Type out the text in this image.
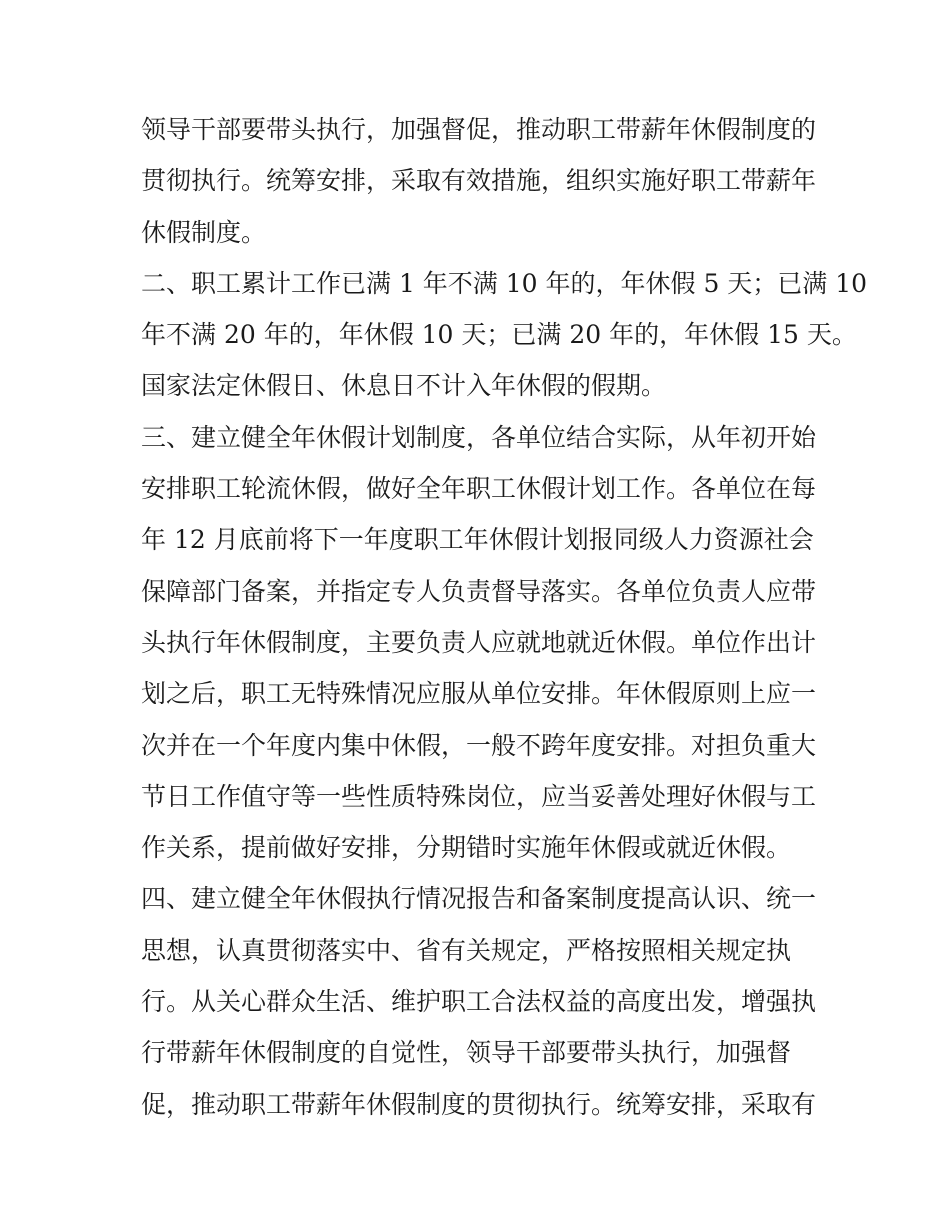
领导干部要带头执行，加强督促，推动职工带薪年休假制度的
贯彻执行。统筹安排，采取有效措施，组织实施好职工带薪年
休假制度。
二、职工累计工作已满 1 年不满 10 年的，年休假 5 天；已满 10
年不满 20 年的，年休假 10 天；已满 20 年的，年休假 15 天。
国家法定休假日、休息日不计入年休假的假期。
三、建立健全年休假计划制度，各单位结合实际，从年初开始
安排职工轮流休假，做好全年职工休假计划工作。各单位在每
年 12 月底前将下一年度职工年休假计划报同级人力资源社会
保障部门备案，并指定专人负责督导落实。各单位负责人应带
头执行年休假制度，主要负责人应就地就近休假。单位作出计
划之后，职工无特殊情况应服从单位安排。年休假原则上应一
次并在一个年度内集中休假，一般不跨年度安排。对担负重大
节日工作值守等一些性质特殊岗位，应当妥善处理好休假与工
作关系，提前做好安排，分期错时实施年休假或就近休假。
四、建立健全年休假执行情况报告和备案制度提高认识、统一
思想，认真贯彻落实中、省有关规定，严格按照相关规定执
行。从关心群众生活、维护职工合法权益的高度出发，增强执
行带薪年休假制度的自觉性，领导干部要带头执行，加强督
促，推动职工带薪年休假制度的贯彻执行。统筹安排，采取有
